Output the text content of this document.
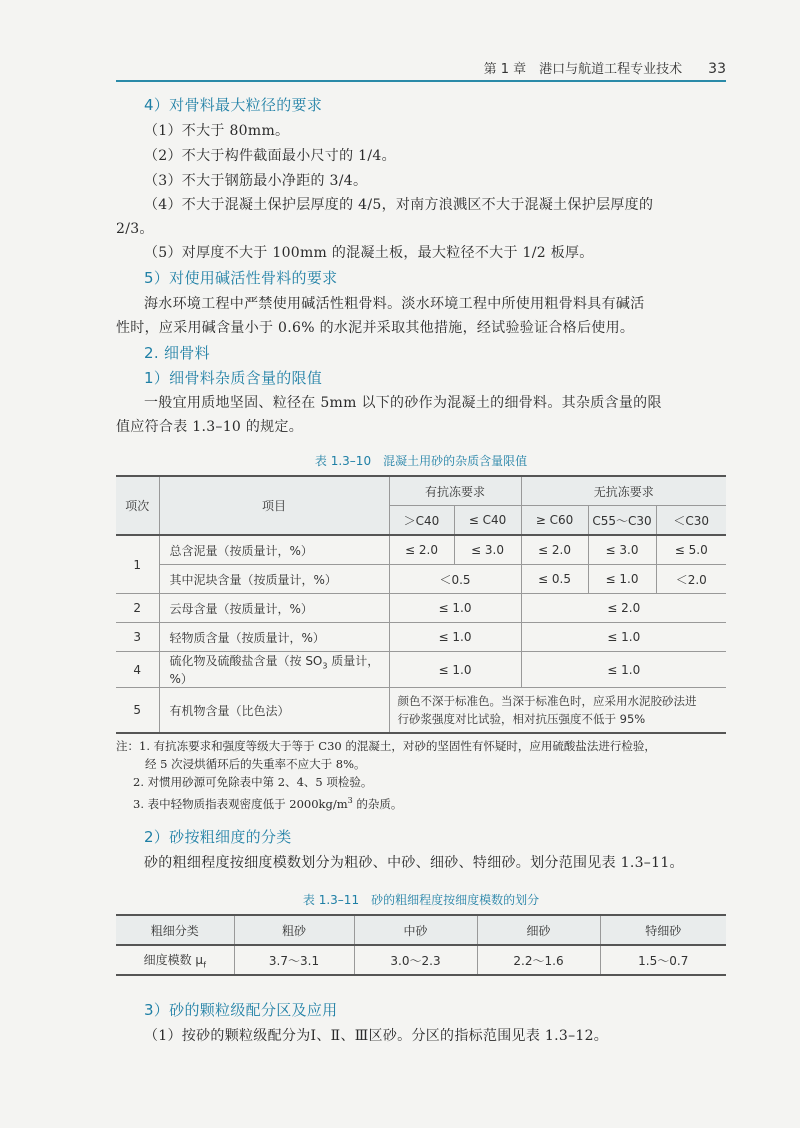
第 1 章　港口与航道工程专业技术 33
4）对骨料最大粒径的要求
（1）不大于 80mm。
（2）不大于构件截面最小尺寸的 1/4。
（3）不大于钢筋最小净距的 3/4。
（4）不大于混凝土保护层厚度的 4/5，对南方浪溅区不大于混凝土保护层厚度的
2/3。
（5）对厚度不大于 100mm 的混凝土板，最大粒径不大于 1/2 板厚。
5）对使用碱活性骨料的要求
海水环境工程中严禁使用碱活性粗骨料。淡水环境工程中所使用粗骨料具有碱活
性时，应采用碱含量小于 0.6% 的水泥并采取其他措施，经试验验证合格后使用。
2. 细骨料
1）细骨料杂质含量的限值
一般宜用质地坚固、粒径在 5mm 以下的砂作为混凝土的细骨料。其杂质含量的限
值应符合表 1.3–10 的规定。
表 1.3–10　混凝土用砂的杂质含量限值
项次	项目	有抗冻要求		无抗冻要求		
		＞C40	≤ C40	≥ C60	C55～C30	＜C30
1	总含泥量（按质量计，%）	≤ 2.0	≤ 3.0	≤ 2.0	≤ 3.0	≤ 5.0
	其中泥块含量（按质量计，%）	＜0.5		≤ 0.5	≤ 1.0	＜2.0
2	云母含量（按质量计，%）	≤ 1.0		≤ 2.0		
3	轻物质含量（按质量计，%）	≤ 1.0		≤ 1.0		
4	硫化物及硫酸盐含量（按 $SO_3$ 质量计，%）	≤ 1.0		≤ 1.0		
5	有机物含量（比色法）	颜色不深于标准色。当深于标准色时，应采用水泥胶砂法进
行砂浆强度对比试验，相对抗压强度不低于 95%				
注：1. 有抗冻要求和强度等级大于等于 C30 的混凝土，对砂的坚固性有怀疑时，应用硫酸盐法进行检验，
经 5 次浸烘循环后的失重率不应大于 8%。
2. 对惯用砂源可免除表中第 2、4、5 项检验。
3. 表中轻物质指表观密度低于 $2000kg/m^3$ 的杂质。
2）砂按粗细度的分类
砂的粗细程度按细度模数划分为粗砂、中砂、细砂、特细砂。划分范围见表 1.3–11。
表 1.3–11　砂的粗细程度按细度模数的划分
粗细分类	粗砂	中砂	细砂	特细砂
细度模数 $\mu_f$	3.7～3.1	3.0～2.3	2.2～1.6	1.5～0.7
3）砂的颗粒级配分区及应用
（1）按砂的颗粒级配分为Ⅰ、Ⅱ、Ⅲ区砂。分区的指标范围见表 1.3–12。
